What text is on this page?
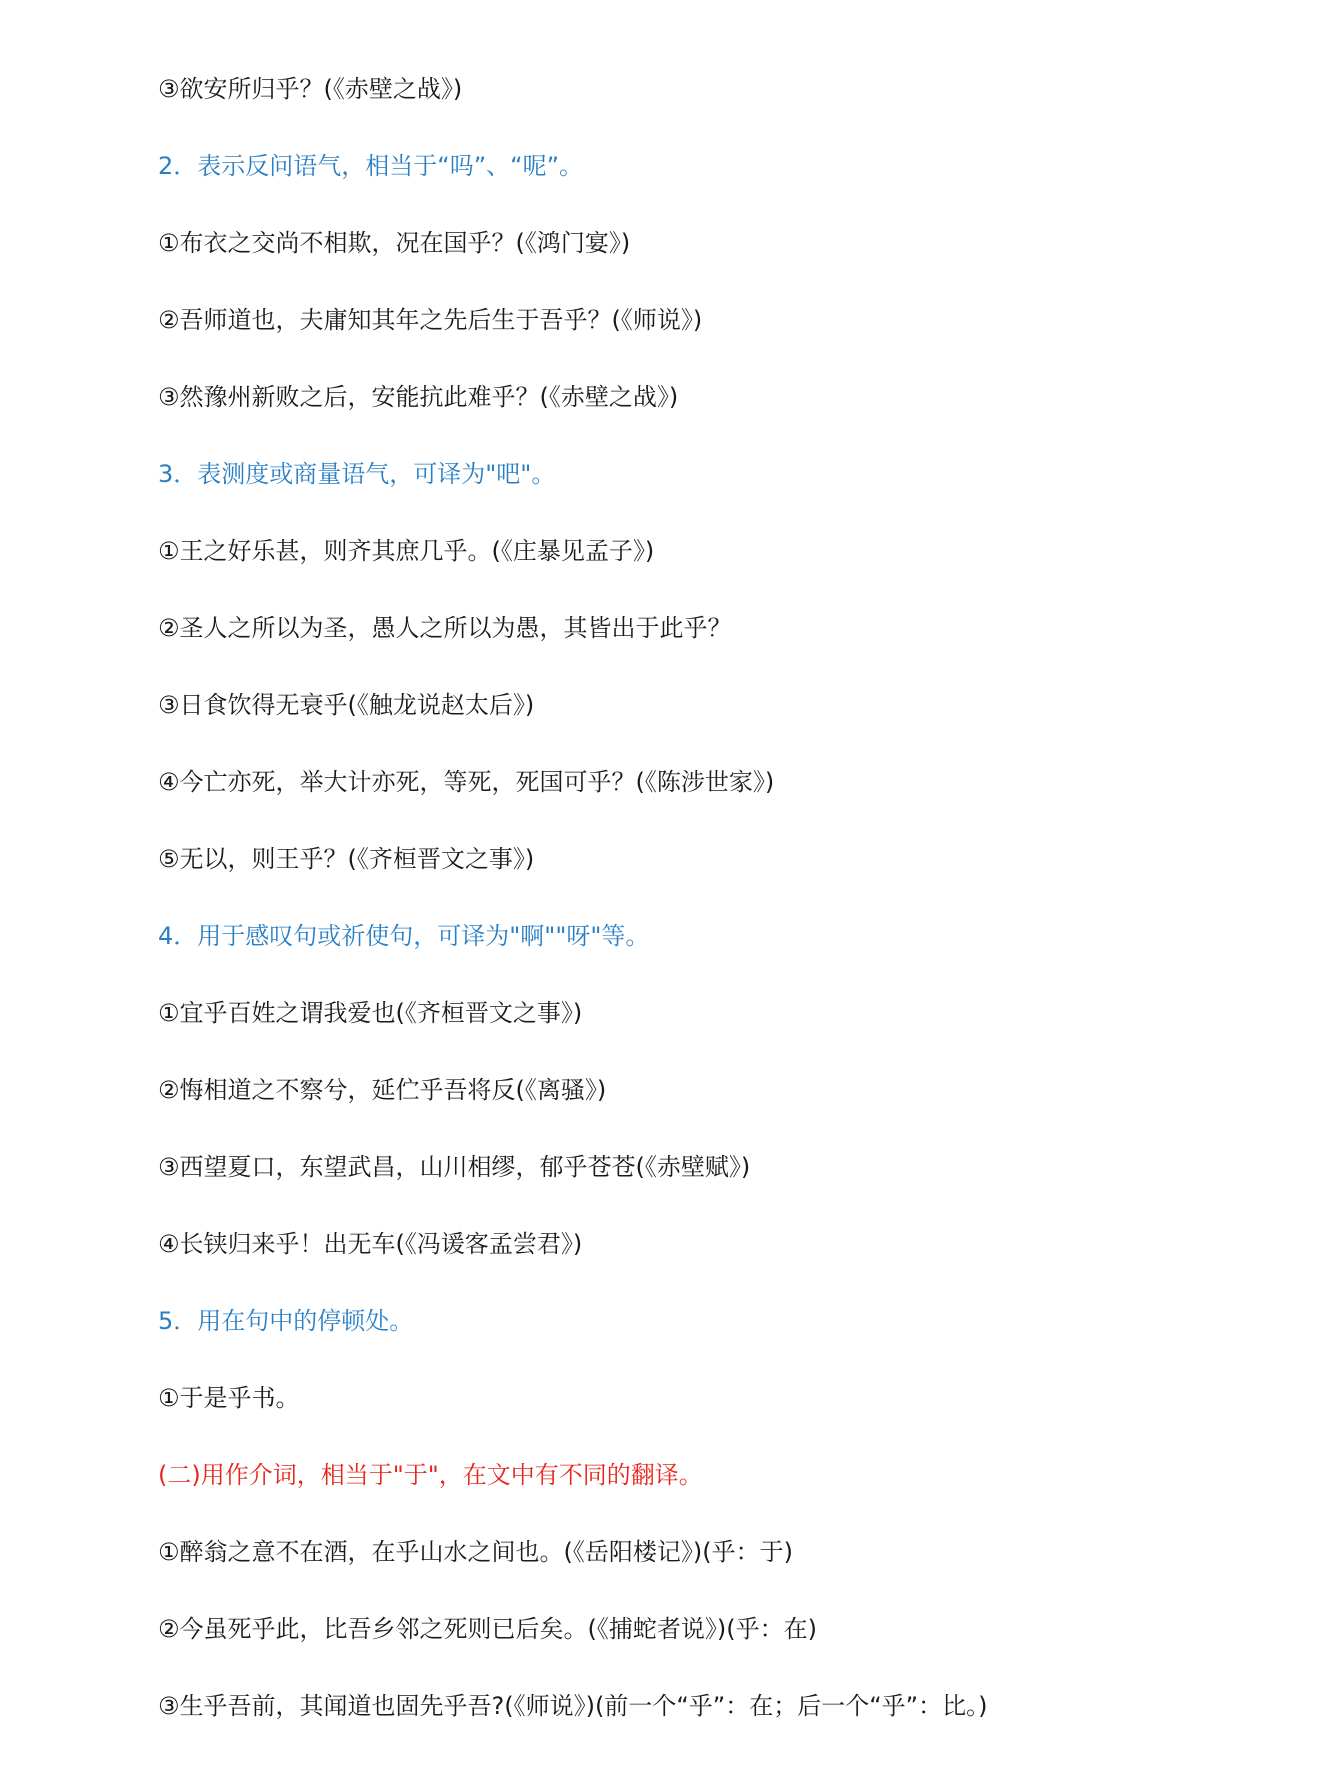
③欲安所归乎？(《赤壁之战》)
2．表示反问语气，相当于“吗”、“呢”。
①布衣之交尚不相欺，况在国乎？(《鸿门宴》)
②吾师道也，夫庸知其年之先后生于吾乎？(《师说》)
③然豫州新败之后，安能抗此难乎？(《赤壁之战》)
3．表测度或商量语气，可译为"吧"。
①王之好乐甚，则齐其庶几乎。(《庄暴见孟子》)
②圣人之所以为圣，愚人之所以为愚，其皆出于此乎？
③日食饮得无衰乎(《触龙说赵太后》)
④今亡亦死，举大计亦死，等死，死国可乎？(《陈涉世家》)
⑤无以，则王乎？(《齐桓晋文之事》)
4．用于感叹句或祈使句，可译为"啊""呀"等。
①宜乎百姓之谓我爱也(《齐桓晋文之事》)
②悔相道之不察兮，延伫乎吾将反(《离骚》)
③西望夏口，东望武昌，山川相缪，郁乎苍苍(《赤壁赋》)
④长铗归来乎！出无车(《冯谖客孟尝君》)
5．用在句中的停顿处。
①于是乎书。
(二)用作介词，相当于"于"，在文中有不同的翻译。
①醉翁之意不在酒，在乎山水之间也。(《岳阳楼记》)(乎：于)
②今虽死乎此，比吾乡邻之死则已后矣。(《捕蛇者说》)(乎：在)
③生乎吾前，其闻道也固先乎吾?(《师说》)(前一个“乎”：在；后一个“乎”：比。)
